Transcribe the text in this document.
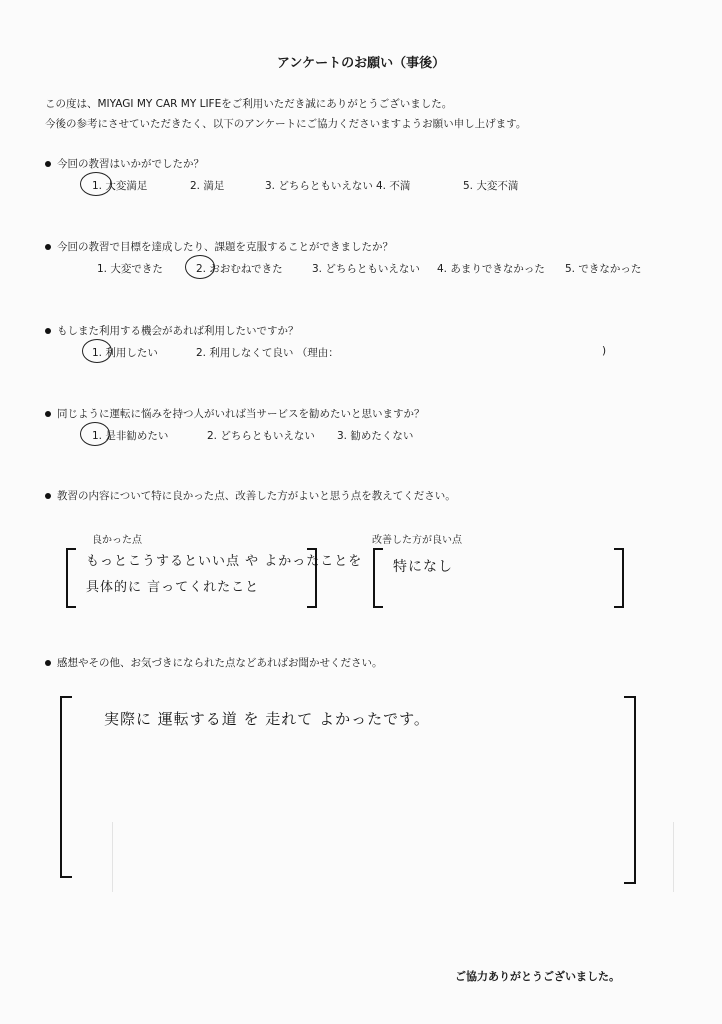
アンケートのお願い（事後）
この度は、MIYAGI MY CAR MY LIFEをご利用いただき誠にありがとうございました。
今後の参考にさせていただきたく、以下のアンケートにご協力くださいますようお願い申し上げます。
今回の教習はいかがでしたか？
1. 大変満足	2. 満足	3. どちらともいえない 4. 不満	5. 大変不満
今回の教習で目標を達成したり、課題を克服することができましたか？
1. 大変できた	2. おおむねできた	3. どちらともいえない 4. あまりできなかった 5. できなかった
もしまた利用する機会があれば利用したいですか？
1. 利用したい	2. 利用しなくて良い （理由：	)
同じように運転に悩みを持つ人がいれば当サービスを勧めたいと思いますか？
1. 是非勧めたい	2. どちらともいえない 3. 勧めたくない
教習の内容について特に良かった点、改善した方がよいと思う点を教えてください。
良かった点	改善した方が良い点
もっとこうするといい点 や よかったことを
具体的に 言ってくれたこと
特になし
感想やその他、お気づきになられた点などあればお聞かせください。
実際に 運転する道 を 走れて よかったです。
ご協力ありがとうございました。
